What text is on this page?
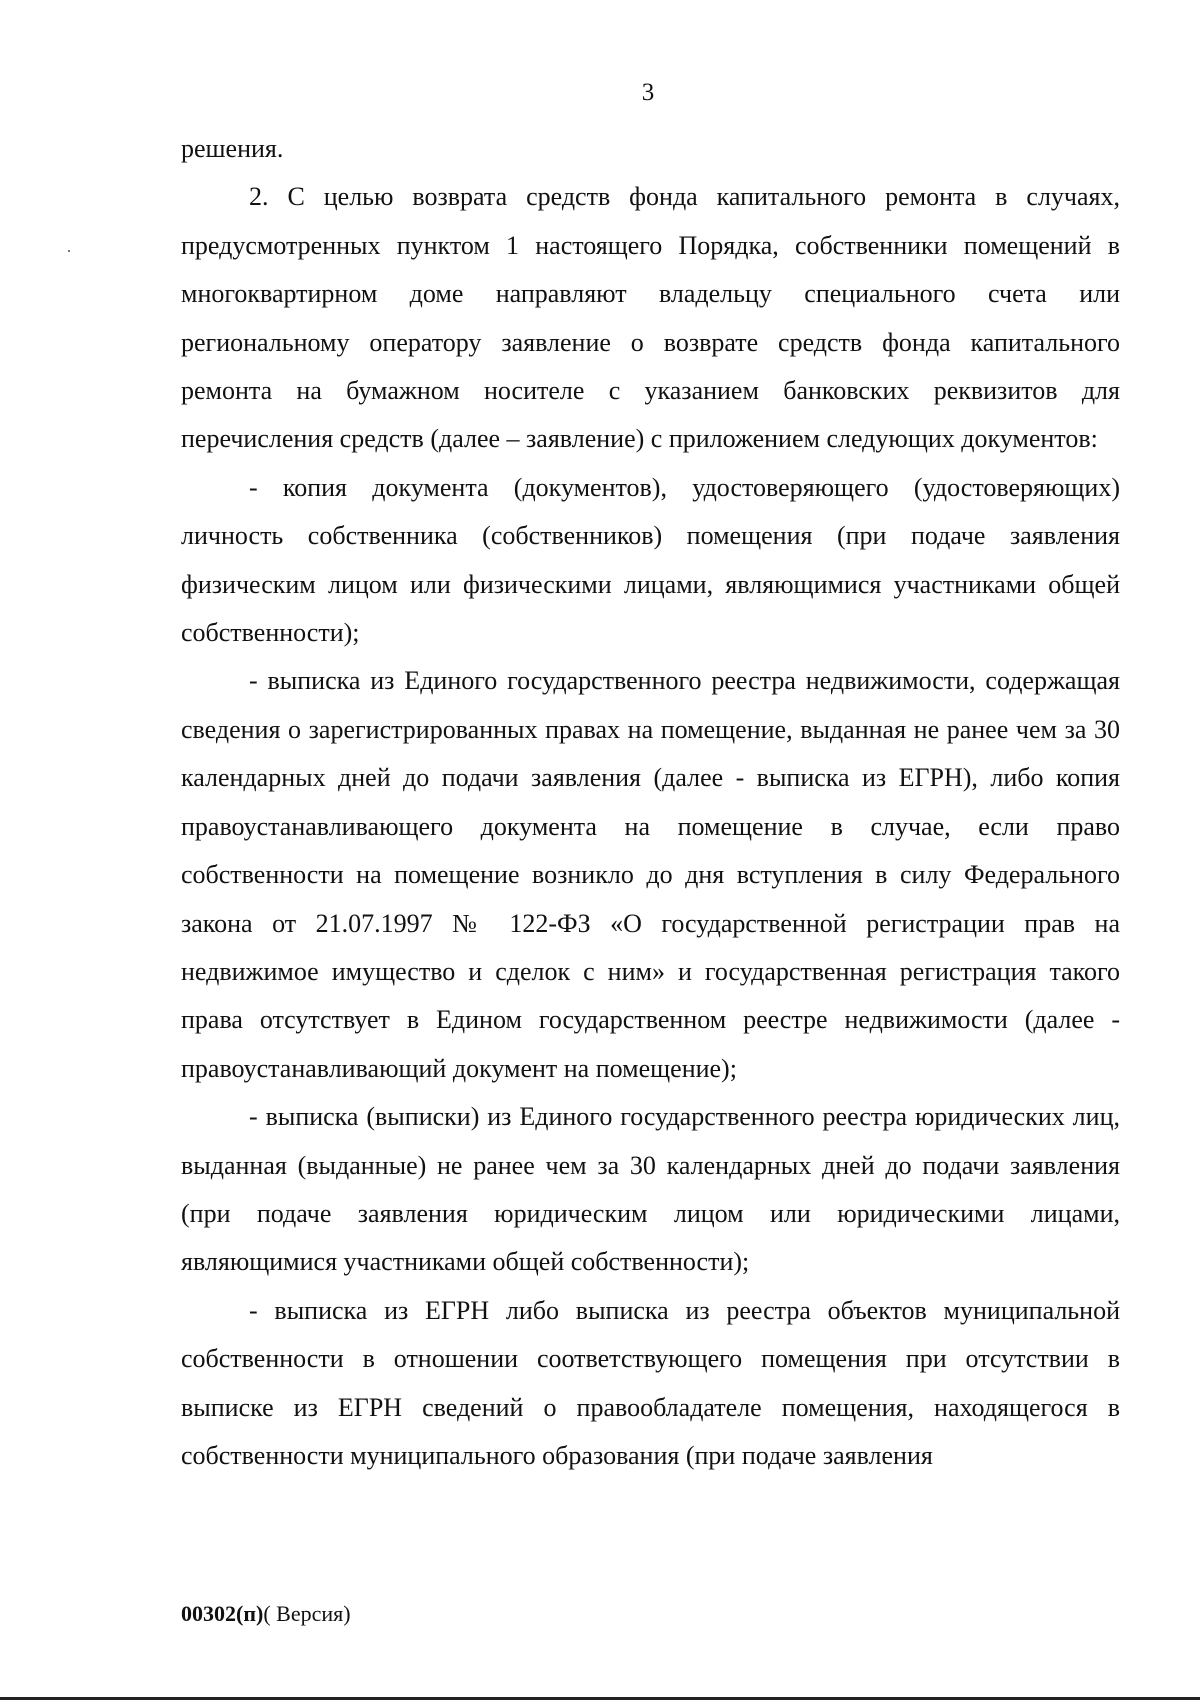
3

решения.

2. С целью возврата средств фонда капитального ремонта в случаях, предусмотренных пунктом 1 настоящего Порядка, собственники помещений в многоквартирном доме направляют владельцу специального счета или региональному оператору заявление о возврате средств фонда капитального ремонта на бумажном носителе с указанием банковских реквизитов для перечисления средств (далее – заявление) с приложением следующих документов:

- копия документа (документов), удостоверяющего (удостоверяющих) личность собственника (собственников) помещения (при подаче заявления физическим лицом или физическими лицами, являющимися участниками общей собственности);

- выписка из Единого государственного реестра недвижимости, содержащая сведения о зарегистрированных правах на помещение, выданная не ранее чем за 30 календарных дней до подачи заявления (далее - выписка из ЕГРН), либо копия правоустанавливающего документа на помещение в случае, если право собственности на помещение возникло до дня вступления в силу Федерального закона от 21.07.1997 № 122-ФЗ «О государственной регистрации прав на недвижимое имущество и сделок с ним» и государственная регистрация такого права отсутствует в Едином государственном реестре недвижимости (далее - правоустанавливающий документ на помещение);

- выписка (выписки) из Единого государственного реестра юридических лиц, выданная (выданные) не ранее чем за 30 календарных дней до подачи заявления (при подаче заявления юридическим лицом или юридическими лицами, являющимися участниками общей собственности);

- выписка из ЕГРН либо выписка из реестра объектов муниципальной собственности в отношении соответствующего помещения при отсутствии в выписке из ЕГРН сведений о правообладателе помещения, находящегося в собственности муниципального образования (при подаче заявления

00302(п)( Версия)
